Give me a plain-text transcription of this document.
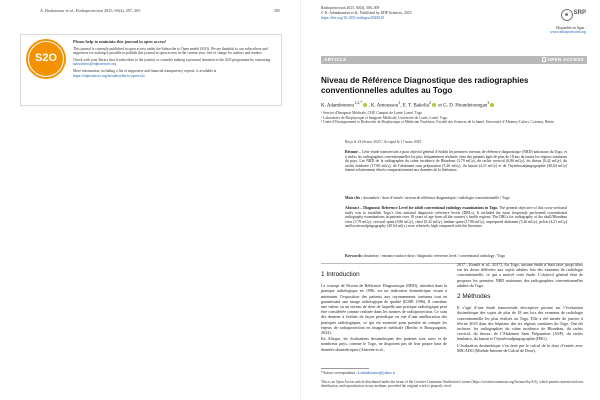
A. Boulanouar et al.: Radioprotection 2025, 60(4), 297–305	305
S2O
Please help to maintain this journal in open access!

This journal is currently published in open access under the Subscribe to Open model (S2O). We are thankful to our subscribers and supporters for making it possible to publish this journal in open access in the current year, free of charge for authors and readers.

Check with your library that it subscribes to the journal, or consider making a personal donation to the S2O programme by contacting subscribers@edpsciences.org

More information, including a list of supporters and financial transparency reports, is available at
https://edpsciences.org/en/subscribe-to-open-s2o

Radioprotection 2025, 60(4), 306–309
© K. Adambounou et al., Published by EDP Sciences, 2025
https://doi.org/10.1051/radiopro/2025010
SRP
Disponible en ligne :
www.radioprotection.org
ARTICLE	OPEN ACCESS
Niveau de Référence Diagnostique des radiographies conventionnelles adultes au Togo
K. Adambounou$^{1,2,*}$, K. Amoussou$^1$, E. T. Bakolia$^2$ et G. D. Houndetoungan$^3$
¹ Service d’Imagerie Médicale, CHU Campus de Lomé, Lomé, Togo
² Laboratoire de Biophysique et Imagerie Médicale, Université de Lomé, Lomé, Togo
³ Unité d’Enseignement et Recherche de Biophysique et Médecine Nucléaire, Faculté des Sciences de la Santé, Université d’Abomey-Calavi, Cotonou, Bénin
Reçu le 23 février 2025 / Accepté le 17 mars 2025
Résumé – Cette étude transversale a pour objectif général d’établir les premiers niveaux de référence diagnostique (NRD) nationaux du Togo, et à inclus les radiographies conventionnelles les plus fréquemment réalisées chez des patients âgés de plus de 18 ans de toutes les régions sanitaires du pays. Les NRD de la radiographie du crâne incidence de Blondeau (3,79 mGy), du rachis cervical (6,86 mGy), du thorax (0,42 mGy), du rachis lombaire (17,86 mGy), de l’abdomen sans préparation (5,26 mGy), du bassin (4,21 mGy) et de l’hystérosalpingographie (40,64 mGy) étaient relativement élevés comparativement aux données de la littérature.
Mots clés : dosimétrie / dose d’entrée / niveau de référence diagnostique / radiologie conventionnelle / Togo
Abstract – Diagnostic Reference Level for adult conventional radiology examinations in Togo. The general objective of this cross-sectional study was to establish Togo’s first national diagnostic reference levels (DRLs). It included the most frequently performed conventional radiography examinations in patients over 18 years of age from all the country’s health regions. The DRLs for radiography of the skull/Blondeau view (3.79 mGy), cervical spine (6.86 mGy), chest (0.42 mGy), lumbar spine (17.86 mGy), unprepared abdomen (5.26 mGy), pelvis (4.21 mGy) and hysterosalpingography (40.64 mGy) were relatively high compared with the literature.
Keywords: dosimetry / entrance surface dose / diagnostic reference level / conventional radiology / Togo
1 Introduction

Le concept de Niveau de Référence Diagnostique (NRD), introduit dans la pratique radiologique en 1996, est un indicateur dosimétrique visant à minimiser l’exposition des patients aux rayonnements ionisants tout en garantissant une image radiologique de qualité (ICRP, 1996). Il constitue une valeur ou un niveau de dose de laquelle une pratique radiologique peut être considérée comme réalisée dans les normes de radioprotection. Ce sont des demens à évaluer de façon périodique en vue d’une amélioration des pratiques radiologiques, ce qui est essentiel pour prendre en compte les enjeux de radioprotection en imagerie médicale (Bertho et Bourguignon, 2024).

En Afrique, les évaluations dosimétriques des patients sont rares et de nombreux pays, comme le Togo, ne disposent pas de leur propre base de données dosimétriques (Amvene et al.,

2017 ; Komlé et al., 2017). Au Togo, aucune étude n’était faite jusqu’alors sur les doses délivrées aux sujets adultes lors des examens de radiologie conventionnelle, ce qui a motivé cette étude. L’objectif général était de proposer les premiers NRD nationaux des radiographies conventionnelles adultes du Togo.

2 Méthodes

Il s’agit d’une étude transversale descriptive portant sur l’évaluation dosimétrique des sujets de plus de 18 ans lors des examens de radiologie conventionnelle les plus réalisés au Togo. Elle a été menée de janvier à février 2019 dans des hôpitaux des six régions sanitaires du Togo. Ont été incluses, les radiographies du crâne incidence de Blondeau, du rachis cervical, du thorax, de l’Abdomen Sans Préparation (ASP), du rachis lombaire, du bassin et l’hystérosalpingographie (HSG).

L’évaluation dosimétrique s’en faite par le calcul de la dose d’entrée avec MICADO (Module Internet de Calcul de Dose).

*Auteur correspondant : k.adambounou@yahoo.fr
This is an Open Access article distributed under the terms of the Creative Commons Attribution License (https://creativecommons.org/licenses/by/4.0), which permits unrestricted use, distribution, and reproduction in any medium, provided the original work is properly cited.
